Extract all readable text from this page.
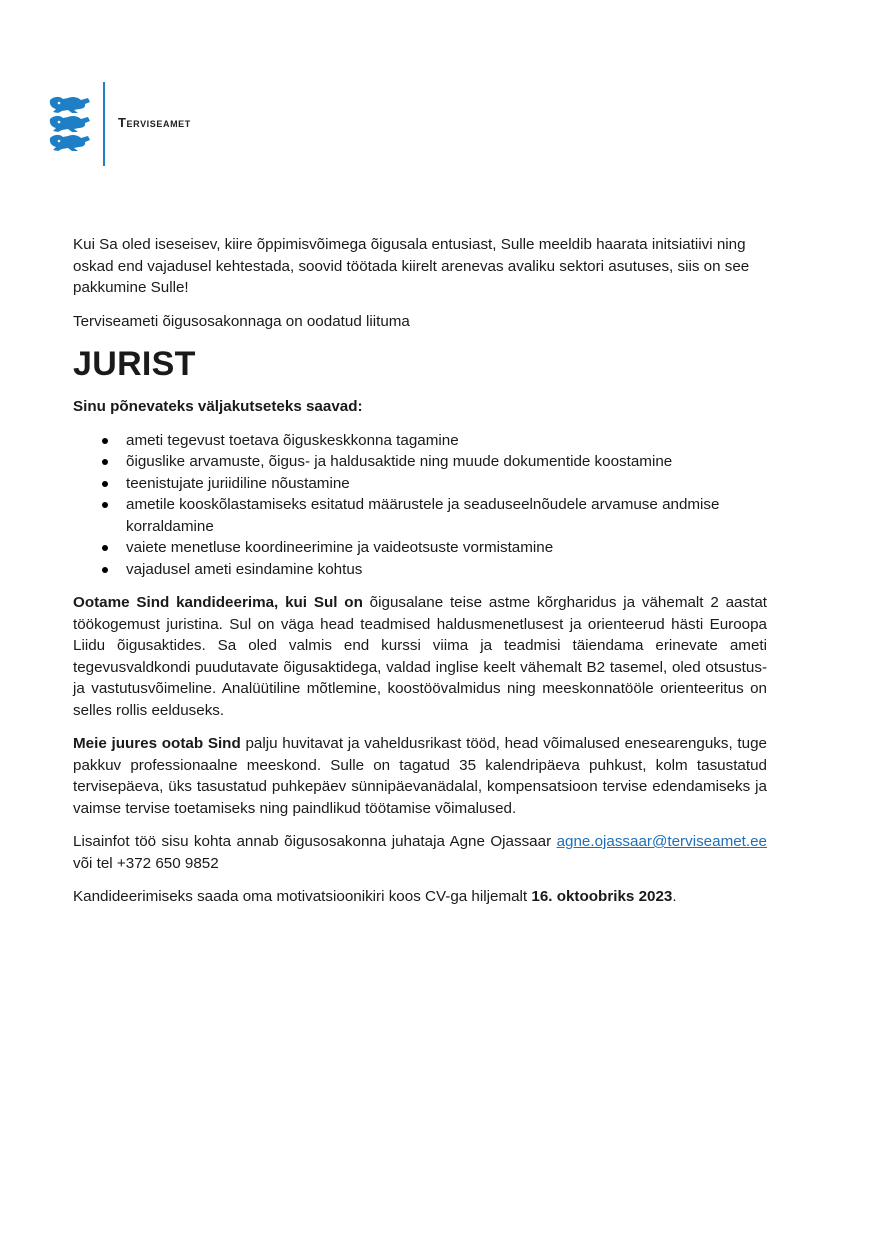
Terviseamet

Kui Sa oled iseseisev, kiire õppimisvõimega õigusala entusiast, Sulle meeldib haarata initsiatiivi ning oskad end vajadusel kehtestada, soovid töötada kiirelt arenevas avaliku sektori asutuses, siis on see pakkumine Sulle!

Terviseameti õigusosakonnaga on oodatud liituma

JURIST

Sinu põnevateks väljakutseteks saavad:

ameti tegevust toetava õiguskeskkonna tagamine
õiguslike arvamuste, õigus- ja haldusaktide ning muude dokumentide koostamine
teenistujate juriidiline nõustamine
ametile kooskõlastamiseks esitatud määrustele ja seaduseelnõudele arvamuse andmise korraldamine
vaiete menetluse koordineerimine ja vaideotsuste vormistamine
vajadusel ameti esindamine kohtus

Ootame Sind kandideerima, kui Sul on õigusalane teise astme kõrgharidus ja vähemalt 2 aastat töökogemust juristina. Sul on väga head teadmised haldusmenetlusest ja orienteerud hästi Euroopa Liidu õigusaktides. Sa oled valmis end kurssi viima ja teadmisi täiendama erinevate ameti tegevusvaldkondi puudutavate õigusaktidega, valdad inglise keelt vähemalt B2 tasemel, oled otsustus- ja vastutusvõimeline. Analüütiline mõtlemine, koostöövalmidus ning meeskonnatööle orienteeritus on selles rollis eelduseks.

Meie juures ootab Sind palju huvitavat ja vaheldusrikast tööd, head võimalused enesearenguks, tuge pakkuv professionaalne meeskond. Sulle on tagatud 35 kalendripäeva puhkust, kolm tasustatud tervisepäeva, üks tasustatud puhkepäev sünnipäevanädalal, kompensatsioon tervise edendamiseks ja vaimse tervise toetamiseks ning paindlikud töötamise võimalused.

Lisainfot töö sisu kohta annab õigusosakonna juhataja Agne Ojassaar agne.ojassaar@terviseamet.ee või tel +372 650 9852

Kandideerimiseks saada oma motivatsioonikiri koos CV-ga hiljemalt 16. oktoobriks 2023.
